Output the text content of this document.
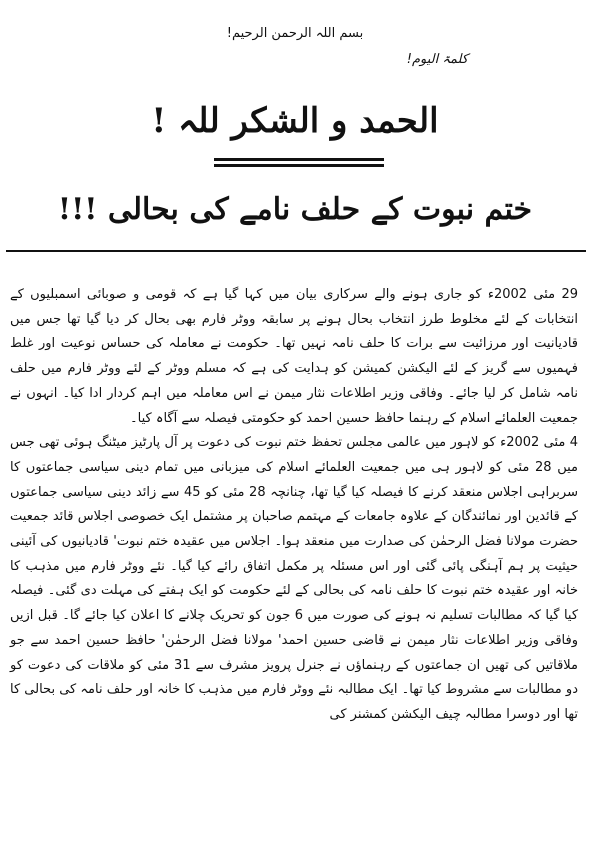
بسم اللہ الرحمن الرحیم!
کلمۃ الیوم!
الحمد و الشکر للہ !
ختم نبوت کے حلف نامے کی بحالی !!!

29 مئی 2002ء کو جاری ہونے والے سرکاری بیان میں کہا گیا ہے کہ قومی و صوبائی اسمبلیوں کے انتخابات کے لئے مخلوط طرز انتخاب بحال ہونے پر سابقہ ووٹر فارم بھی بحال کر دیا گیا تھا جس میں قادیانیت اور مرزائیت سے برات کا حلف نامہ نہیں تھا۔ حکومت نے معاملہ کی حساس نوعیت اور غلط فہمیوں سے گریز کے لئے الیکشن کمیشن کو ہدایت کی ہے کہ مسلم ووٹر کے لئے ووٹر فارم میں حلف نامہ شامل کر لیا جائے۔ وفاقی وزیر اطلاعات نثار میمن نے اس معاملہ میں اہم کردار ادا کیا۔ انہوں نے جمعیت العلمائے اسلام کے رہنما حافظ حسین احمد کو حکومتی فیصلہ سے آگاہ کیا۔

4 مئی 2002ء کو لاہور میں عالمی مجلس تحفظ ختم نبوت کی دعوت پر آل پارٹیز میٹنگ ہوئی تھی جس میں 28 مئی کو لاہور ہی میں جمعیت العلمائے اسلام کی میزبانی میں تمام دینی سیاسی جماعتوں کا سربراہی اجلاس منعقد کرنے کا فیصلہ کیا گیا تھا، چنانچہ 28 مئی کو 45 سے زائد دینی سیاسی جماعتوں کے قائدین اور نمائندگان کے علاوہ جامعات کے مہتمم صاحبان پر مشتمل ایک خصوصی اجلاس قائد جمعیت حضرت مولانا فضل الرحمٰن کی صدارت میں منعقد ہوا۔ اجلاس میں عقیدہ ختم نبوت' قادیانیوں کی آئینی حیثیت پر ہم آہنگی پائی گئی اور اس مسئلہ پر مکمل اتفاق رائے کیا گیا۔ نئے ووٹر فارم میں مذہب کا خانہ اور عقیدہ ختم نبوت کا حلف نامہ کی بحالی کے لئے حکومت کو ایک ہفتے کی مہلت دی گئی۔ فیصلہ کیا گیا کہ مطالبات تسلیم نہ ہونے کی صورت میں 6 جون کو تحریک چلانے کا اعلان کیا جائے گا۔ قبل ازیں وفاقی وزیر اطلاعات نثار میمن نے قاضی حسین احمد' مولانا فضل الرحمٰن' حافظ حسین احمد سے جو ملاقاتیں کی تھیں ان جماعتوں کے رہنماؤں نے جنرل پرویز مشرف سے 31 مئی کو ملاقات کی دعوت کو دو مطالبات سے مشروط کیا تھا۔ ایک مطالبہ نئے ووٹر فارم میں مذہب کا خانہ اور حلف نامہ کی بحالی کا تھا اور دوسرا مطالبہ چیف الیکشن کمشنر کی
